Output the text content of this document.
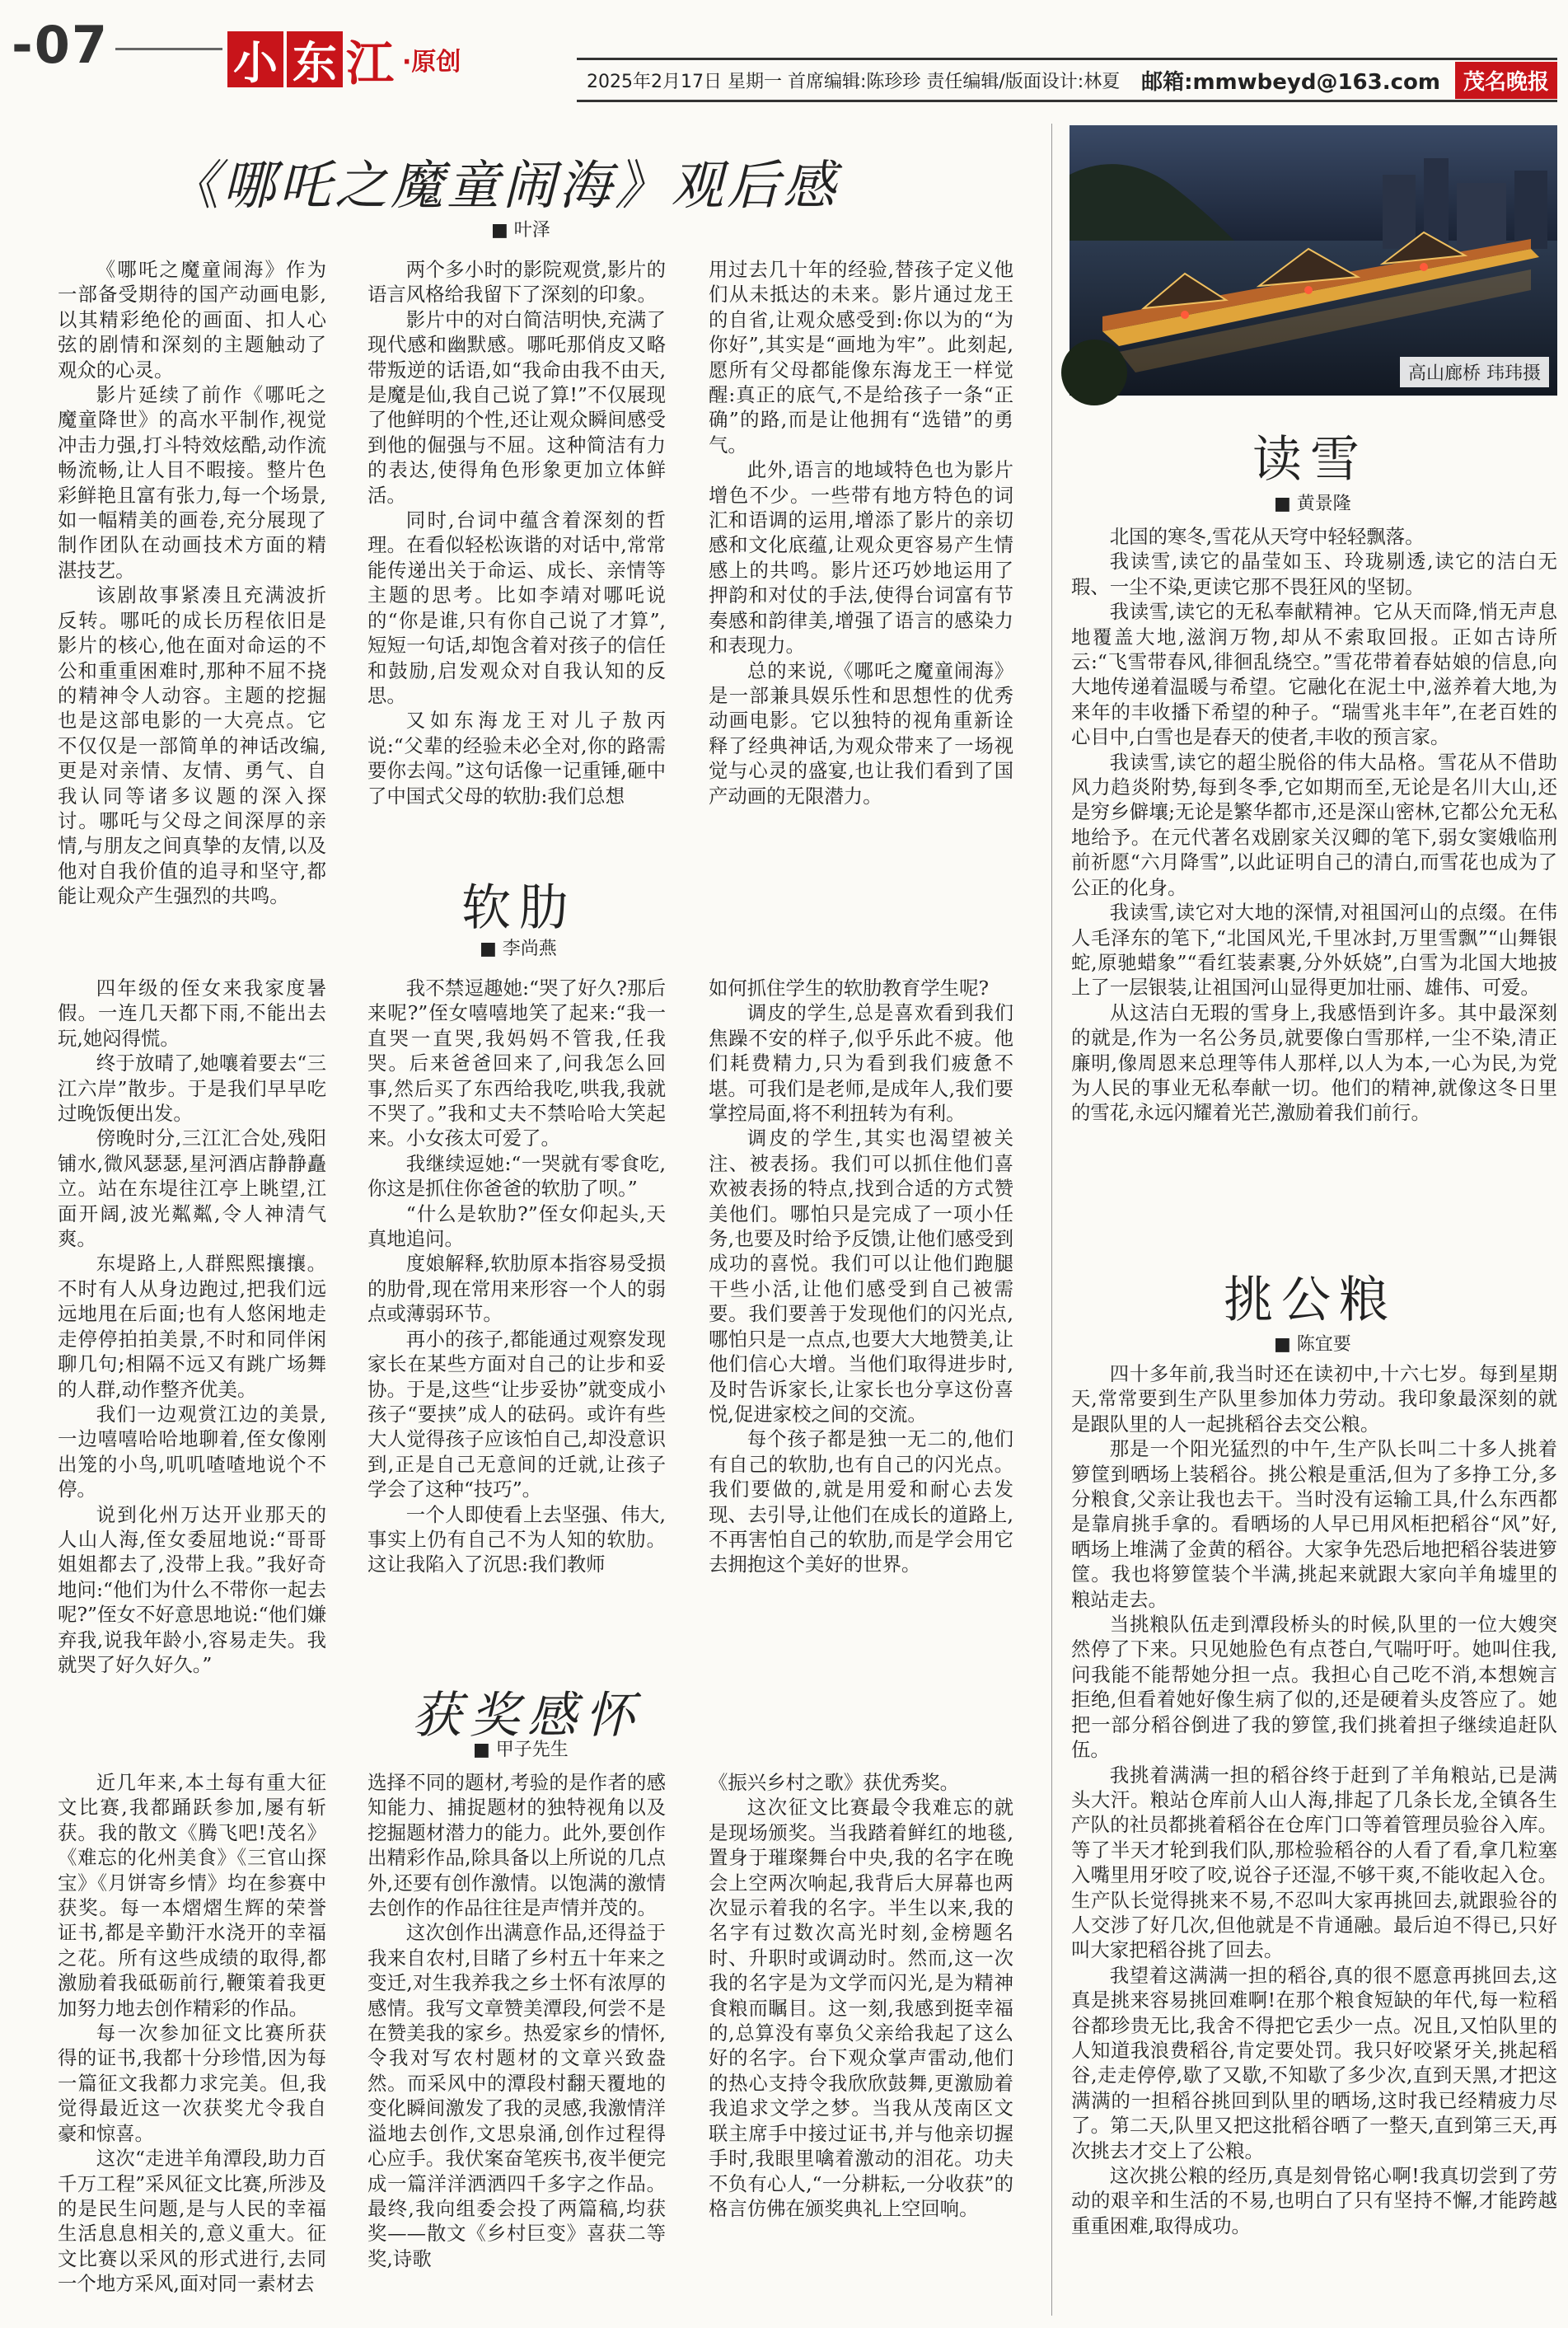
-07	小 东 江 ·原创
2025年2月17日 星期一 首席编辑:陈珍珍 责任编辑/版面设计:林夏 邮箱:mmwbeyd@163.com	茂名晚报
高山廊桥 玮玮摄
《哪吒之魔童闹海》观后感
■ 叶泽

《哪吒之魔童闹海》作为一部备受期待的国产动画电影,以其精彩绝伦的画面、扣人心弦的剧情和深刻的主题触动了观众的心灵。

影片延续了前作《哪吒之魔童降世》的高水平制作,视觉冲击力强,打斗特效炫酷,动作流畅流畅,让人目不暇接。整片色彩鲜艳且富有张力,每一个场景,如一幅精美的画卷,充分展现了制作团队在动画技术方面的精湛技艺。

该剧故事紧凑且充满波折反转。哪吒的成长历程依旧是影片的核心,他在面对命运的不公和重重困难时,那种不屈不挠的精神令人动容。主题的挖掘也是这部电影的一大亮点。它不仅仅是一部简单的神话改编,更是对亲情、友情、勇气、自我认同等诸多议题的深入探讨。哪吒与父母之间深厚的亲情,与朋友之间真挚的友情,以及他对自我价值的追寻和坚守,都能让观众产生强烈的共鸣。

两个多小时的影院观赏,影片的语言风格给我留下了深刻的印象。

影片中的对白简洁明快,充满了现代感和幽默感。哪吒那俏皮又略带叛逆的话语,如“我命由我不由天,是魔是仙,我自己说了算!”不仅展现了他鲜明的个性,还让观众瞬间感受到他的倔强与不屈。这种简洁有力的表达,使得角色形象更加立体鲜活。

同时,台词中蕴含着深刻的哲理。在看似轻松诙谐的对话中,常常能传递出关于命运、成长、亲情等主题的思考。比如李靖对哪吒说的“你是谁,只有你自己说了才算”,短短一句话,却饱含着对孩子的信任和鼓励,启发观众对自我认知的反思。

又如东海龙王对儿子敖丙说:“父辈的经验未必全对,你的路需要你去闯。”这句话像一记重锤,砸中了中国式父母的软肋:我们总想

用过去几十年的经验,替孩子定义他们从未抵达的未来。影片通过龙王的自省,让观众感受到:你以为的“为你好”,其实是“画地为牢”。此刻起,愿所有父母都能像东海龙王一样觉醒:真正的底气,不是给孩子一条“正确”的路,而是让他拥有“选错”的勇气。

此外,语言的地域特色也为影片增色不少。一些带有地方特色的词汇和语调的运用,增添了影片的亲切感和文化底蕴,让观众更容易产生情感上的共鸣。影片还巧妙地运用了押韵和对仗的手法,使得台词富有节奏感和韵律美,增强了语言的感染力和表现力。

总的来说,《哪吒之魔童闹海》是一部兼具娱乐性和思想性的优秀动画电影。它以独特的视角重新诠释了经典神话,为观众带来了一场视觉与心灵的盛宴,也让我们看到了国产动画的无限潜力。

软肋
■ 李尚燕

四年级的侄女来我家度暑假。一连几天都下雨,不能出去玩,她闷得慌。

终于放晴了,她嚷着要去“三江六岸”散步。于是我们早早吃过晚饭便出发。

傍晚时分,三江汇合处,残阳铺水,微风瑟瑟,星河酒店静静矗立。站在东堤往江亭上眺望,江面开阔,波光粼粼,令人神清气爽。

东堤路上,人群熙熙攘攘。不时有人从身边跑过,把我们远远地甩在后面;也有人悠闲地走走停停拍拍美景,不时和同伴闲聊几句;相隔不远又有跳广场舞的人群,动作整齐优美。

我们一边观赏江边的美景,一边嘻嘻哈哈地聊着,侄女像刚出笼的小鸟,叽叽喳喳地说个不停。

说到化州万达开业那天的人山人海,侄女委屈地说:“哥哥姐姐都去了,没带上我。”我好奇地问:“他们为什么不带你一起去呢?”侄女不好意思地说:“他们嫌弃我,说我年龄小,容易走失。我就哭了好久好久。”

我不禁逗趣她:“哭了好久?那后来呢?”侄女嘻嘻地笑了起来:“我一直哭一直哭,我妈妈不管我,任我哭。后来爸爸回来了,问我怎么回事,然后买了东西给我吃,哄我,我就不哭了。”我和丈夫不禁哈哈大笑起来。小女孩太可爱了。

我继续逗她:“一哭就有零食吃,你这是抓住你爸爸的软肋了呗。”

“什么是软肋?”侄女仰起头,天真地追问。

度娘解释,软肋原本指容易受损的肋骨,现在常用来形容一个人的弱点或薄弱环节。

再小的孩子,都能通过观察发现家长在某些方面对自己的让步和妥协。于是,这些“让步妥协”就变成小孩子“要挟”成人的砝码。或许有些大人觉得孩子应该怕自己,却没意识到,正是自己无意间的迁就,让孩子学会了这种“技巧”。

一个人即使看上去坚强、伟大,事实上仍有自己不为人知的软肋。这让我陷入了沉思:我们教师

如何抓住学生的软肋教育学生呢?

调皮的学生,总是喜欢看到我们焦躁不安的样子,似乎乐此不疲。他们耗费精力,只为看到我们疲惫不堪。可我们是老师,是成年人,我们要掌控局面,将不利扭转为有利。

调皮的学生,其实也渴望被关注、被表扬。我们可以抓住他们喜欢被表扬的特点,找到合适的方式赞美他们。哪怕只是完成了一项小任务,也要及时给予反馈,让他们感受到成功的喜悦。我们可以让他们跑腿干些小活,让他们感受到自己被需要。我们要善于发现他们的闪光点,哪怕只是一点点,也要大大地赞美,让他们信心大增。当他们取得进步时,及时告诉家长,让家长也分享这份喜悦,促进家校之间的交流。

每个孩子都是独一无二的,他们有自己的软肋,也有自己的闪光点。我们要做的,就是用爱和耐心去发现、去引导,让他们在成长的道路上,不再害怕自己的软肋,而是学会用它去拥抱这个美好的世界。

获奖感怀
■ 甲子先生

近几年来,本土每有重大征文比赛,我都踊跃参加,屡有斩获。我的散文《腾飞吧!茂名》《难忘的化州美食》《三官山探宝》《月饼寄乡情》均在参赛中获奖。每一本熠熠生辉的荣誉证书,都是辛勤汗水浇开的幸福之花。所有这些成绩的取得,都激励着我砥砺前行,鞭策着我更加努力地去创作精彩的作品。

每一次参加征文比赛所获得的证书,我都十分珍惜,因为每一篇征文我都力求完美。但,我觉得最近这一次获奖尤令我自豪和惊喜。

这次“走进羊角潭段,助力百千万工程”采风征文比赛,所涉及的是民生问题,是与人民的幸福生活息息相关的,意义重大。征文比赛以采风的形式进行,去同一个地方采风,面对同一素材去

选择不同的题材,考验的是作者的感知能力、捕捉题材的独特视角以及挖掘题材潜力的能力。此外,要创作出精彩作品,除具备以上所说的几点外,还要有创作激情。以饱满的激情去创作的作品往往是声情并茂的。

这次创作出满意作品,还得益于我来自农村,目睹了乡村五十年来之变迁,对生我养我之乡土怀有浓厚的感情。我写文章赞美潭段,何尝不是在赞美我的家乡。热爱家乡的情怀,令我对写农村题材的文章兴致盎然。而采风中的潭段村翻天覆地的变化瞬间激发了我的灵感,我激情洋溢地去创作,文思泉涌,创作过程得心应手。我伏案奋笔疾书,夜半便完成一篇洋洋洒洒四千多字之作品。最终,我向组委会投了两篇稿,均获奖——散文《乡村巨变》喜获二等奖,诗歌

《振兴乡村之歌》获优秀奖。

这次征文比赛最令我难忘的就是现场颁奖。当我踏着鲜红的地毯,置身于璀璨舞台中央,我的名字在晚会上空两次响起,我背后大屏幕也两次显示着我的名字。半生以来,我的名字有过数次高光时刻,金榜题名时、升职时或调动时。然而,这一次我的名字是为文学而闪光,是为精神食粮而瞩目。这一刻,我感到挺幸福的,总算没有辜负父亲给我起了这么好的名字。台下观众掌声雷动,他们的热心支持令我欣欣鼓舞,更激励着我追求文学之梦。当我从茂南区文联主席手中接过证书,并与他亲切握手时,我眼里噙着激动的泪花。功夫不负有心人,“一分耕耘,一分收获”的格言仿佛在颁奖典礼上空回响。

读雪
■ 黄景隆

北国的寒冬,雪花从天穹中轻轻飘落。

我读雪,读它的晶莹如玉、玲珑剔透,读它的洁白无瑕、一尘不染,更读它那不畏狂风的坚韧。

我读雪,读它的无私奉献精神。它从天而降,悄无声息地覆盖大地,滋润万物,却从不索取回报。正如古诗所云:“飞雪带春风,徘徊乱绕空。”雪花带着春姑娘的信息,向大地传递着温暖与希望。它融化在泥土中,滋养着大地,为来年的丰收播下希望的种子。“瑞雪兆丰年”,在老百姓的心目中,白雪也是春天的使者,丰收的预言家。

我读雪,读它的超尘脱俗的伟大品格。雪花从不借助风力趋炎附势,每到冬季,它如期而至,无论是名川大山,还是穷乡僻壤;无论是繁华都市,还是深山密林,它都公允无私地给予。在元代著名戏剧家关汉卿的笔下,弱女窦娥临刑前祈愿“六月降雪”,以此证明自己的清白,而雪花也成为了公正的化身。

我读雪,读它对大地的深情,对祖国河山的点缀。在伟人毛泽东的笔下,“北国风光,千里冰封,万里雪飘”“山舞银蛇,原驰蜡象”“看红装素裹,分外妖娆”,白雪为北国大地披上了一层银装,让祖国河山显得更加壮丽、雄伟、可爱。

从这洁白无瑕的雪身上,我感悟到许多。其中最深刻的就是,作为一名公务员,就要像白雪那样,一尘不染,清正廉明,像周恩来总理等伟人那样,以人为本,一心为民,为党为人民的事业无私奉献一切。他们的精神,就像这冬日里的雪花,永远闪耀着光芒,激励着我们前行。

挑公粮
■ 陈宜要

四十多年前,我当时还在读初中,十六七岁。每到星期天,常常要到生产队里参加体力劳动。我印象最深刻的就是跟队里的人一起挑稻谷去交公粮。

那是一个阳光猛烈的中午,生产队长叫二十多人挑着箩筐到晒场上装稻谷。挑公粮是重活,但为了多挣工分,多分粮食,父亲让我也去干。当时没有运输工具,什么东西都是靠肩挑手拿的。看晒场的人早已用风柜把稻谷“风”好,晒场上堆满了金黄的稻谷。大家争先恐后地把稻谷装进箩筐。我也将箩筐装个半满,挑起来就跟大家向羊角墟里的粮站走去。

当挑粮队伍走到潭段桥头的时候,队里的一位大嫂突然停了下来。只见她脸色有点苍白,气喘吁吁。她叫住我,问我能不能帮她分担一点。我担心自己吃不消,本想婉言拒绝,但看着她好像生病了似的,还是硬着头皮答应了。她把一部分稻谷倒进了我的箩筐,我们挑着担子继续追赶队伍。

我挑着满满一担的稻谷终于赶到了羊角粮站,已是满头大汗。粮站仓库前人山人海,排起了几条长龙,全镇各生产队的社员都挑着稻谷在仓库门口等着管理员验谷入库。等了半天才轮到我们队,那检验稻谷的人看了看,拿几粒塞入嘴里用牙咬了咬,说谷子还湿,不够干爽,不能收起入仓。生产队长觉得挑来不易,不忍叫大家再挑回去,就跟验谷的人交涉了好几次,但他就是不肯通融。最后迫不得已,只好叫大家把稻谷挑了回去。

我望着这满满一担的稻谷,真的很不愿意再挑回去,这真是挑来容易挑回难啊!在那个粮食短缺的年代,每一粒稻谷都珍贵无比,我舍不得把它丢少一点。况且,又怕队里的人知道我浪费稻谷,肯定要处罚。我只好咬紧牙关,挑起稻谷,走走停停,歇了又歇,不知歇了多少次,直到天黑,才把这满满的一担稻谷挑回到队里的晒场,这时我已经精疲力尽了。第二天,队里又把这批稻谷晒了一整天,直到第三天,再次挑去才交上了公粮。

这次挑公粮的经历,真是刻骨铭心啊!我真切尝到了劳动的艰辛和生活的不易,也明白了只有坚持不懈,才能跨越重重困难,取得成功。
